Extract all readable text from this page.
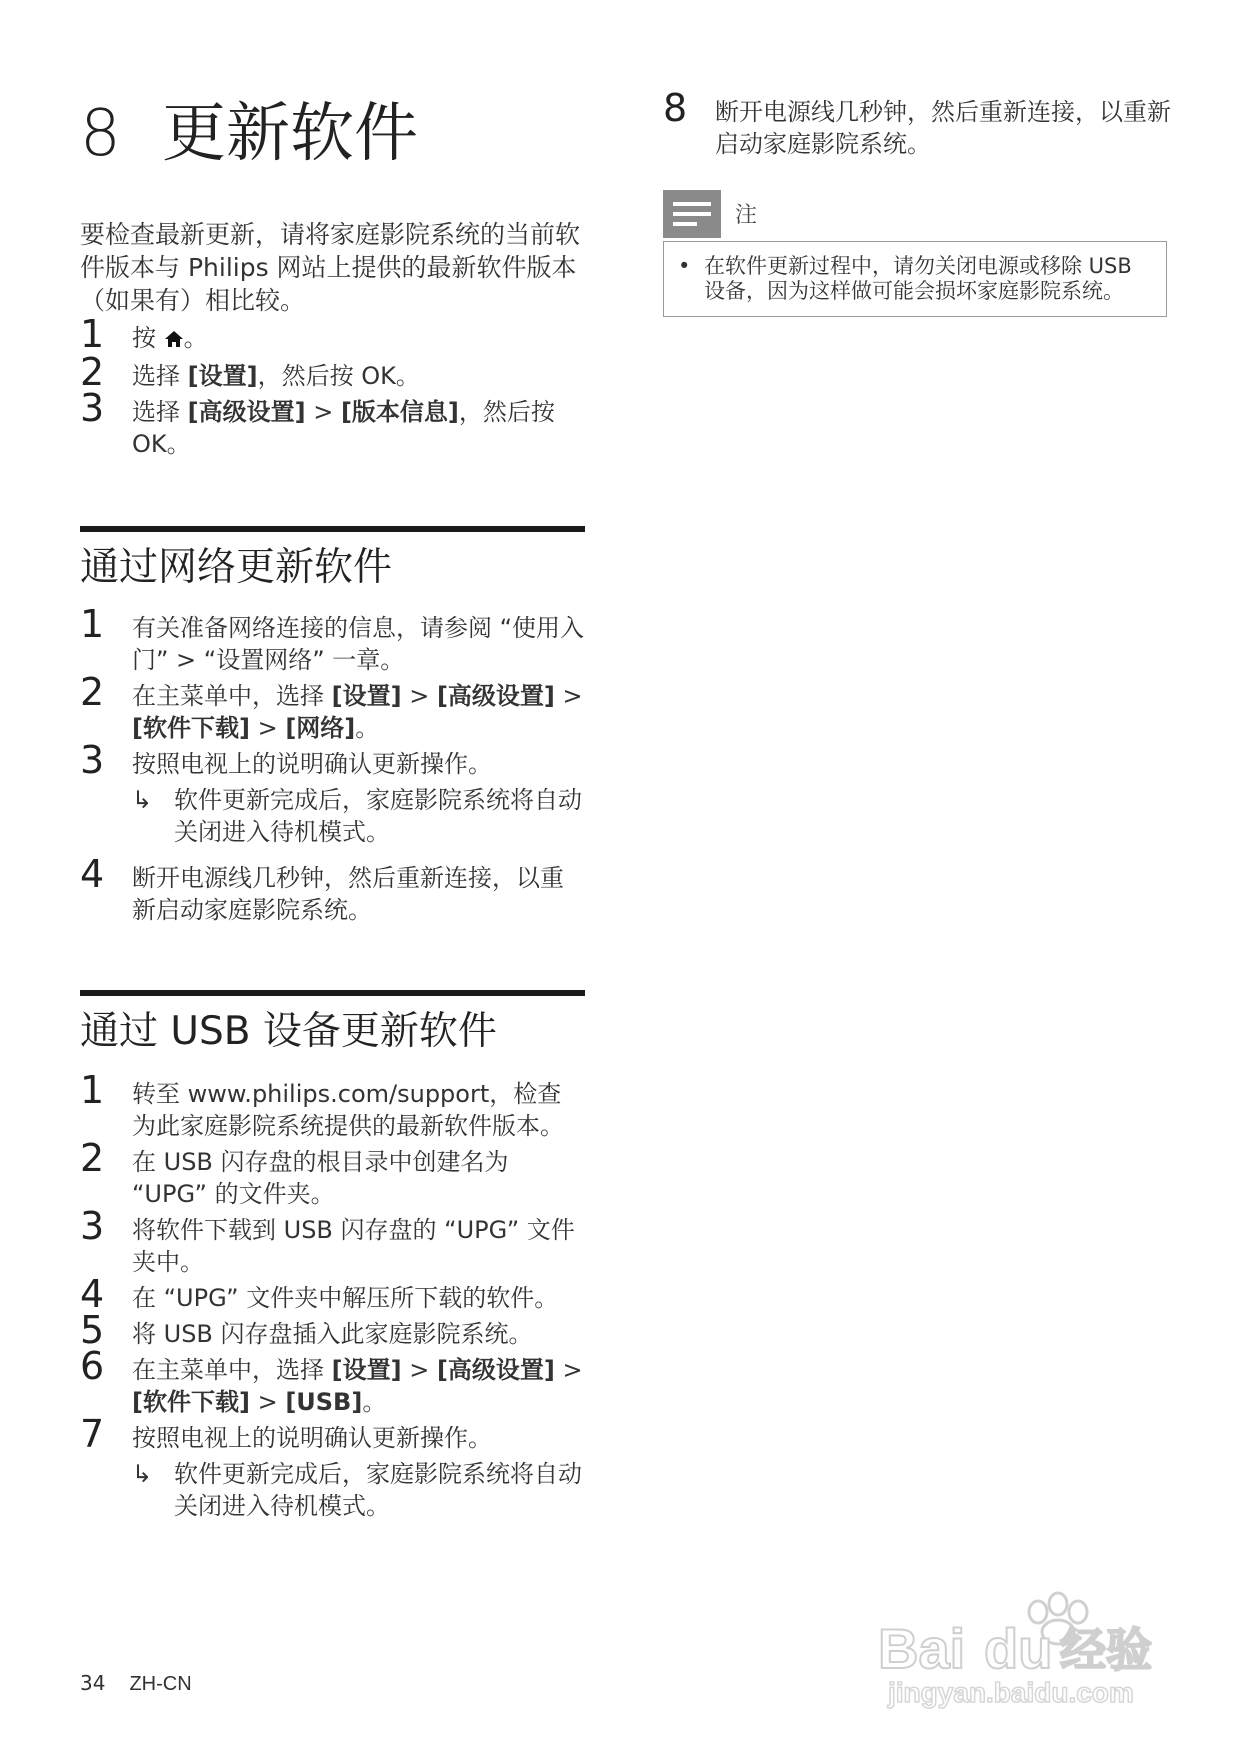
8 更新软件
要检查最新更新，请将家庭影院系统的当前软件版本与 Philips 网站上提供的最新软件版本（如果有）相比较。
1 按 。
2 选择 [设置]，然后按 OK。
3 选择 [高级设置] > [版本信息]，然后按 OK。
通过网络更新软件
1 有关准备网络连接的信息，请参阅 “使用入门” > “设置网络” 一章。
2 在主菜单中，选择 [设置] > [高级设置] > [软件下载] > [网络]。
3 按照电视上的说明确认更新操作。
↳ 软件更新完成后，家庭影院系统将自动关闭进入待机模式。
4 断开电源线几秒钟，然后重新连接，以重新启动家庭影院系统。
通过 USB 设备更新软件
1 转至 www.philips.com/support，检查为此家庭影院系统提供的最新软件版本。
2 在 USB 闪存盘的根目录中创建名为 “UPG” 的文件夹。
3 将软件下载到 USB 闪存盘的 “UPG” 文件夹中。
4 在 “UPG” 文件夹中解压所下载的软件。
5 将 USB 闪存盘插入此家庭影院系统。
6 在主菜单中，选择 [设置] > [高级设置] > [软件下载] > [USB]。
7 按照电视上的说明确认更新操作。
↳ 软件更新完成后，家庭影院系统将自动关闭进入待机模式。
8 断开电源线几秒钟，然后重新连接，以重新启动家庭影院系统。
注
• 在软件更新过程中，请勿关闭电源或移除 USB 设备，因为这样做可能会损坏家庭影院系统。
34 ZH-CN
Bai du 经验
jingyan.baidu.com
